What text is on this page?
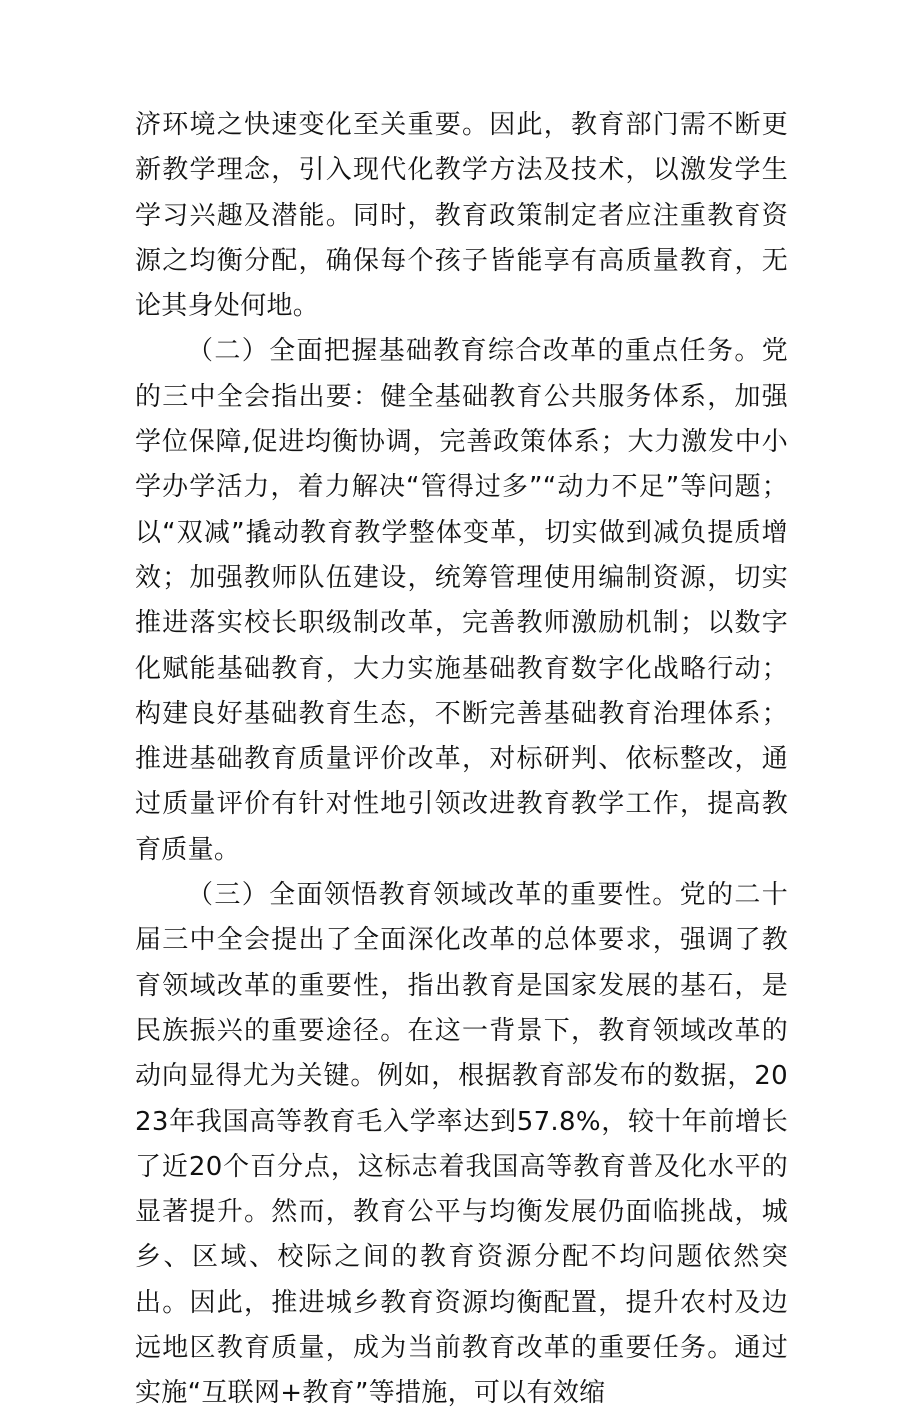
济环境之快速变化至关重要。因此，教育部门需不断更新教学理念，引入现代化教学方法及技术，以激发学生学习兴趣及潜能。同时，教育政策制定者应注重教育资源之均衡分配，确保每个孩子皆能享有高质量教育，无论其身处何地。

（二）全面把握基础教育综合改革的重点任务。党的三中全会指出要：健全基础教育公共服务体系，加强学位保障,促进均衡协调，完善政策体系；大力激发中小学办学活力，着力解决“管得过多”“动力不足”等问题；以“双减”撬动教育教学整体变革，切实做到减负提质增效；加强教师队伍建设，统筹管理使用编制资源，切实推进落实校长职级制改革，完善教师激励机制；以数字化赋能基础教育，大力实施基础教育数字化战略行动；构建良好基础教育生态，不断完善基础教育治理体系；推进基础教育质量评价改革，对标研判、依标整改，通过质量评价有针对性地引领改进教育教学工作，提高教育质量。

（三）全面领悟教育领域改革的重要性。党的二十届三中全会提出了全面深化改革的总体要求，强调了教育领域改革的重要性，指出教育是国家发展的基石，是民族振兴的重要途径。在这一背景下，教育领域改革的动向显得尤为关键。例如，根据教育部发布的数据，2023年我国高等教育毛入学率达到57.8%，较十年前增长了近20个百分点，这标志着我国高等教育普及化水平的显著提升。然而，教育公平与均衡发展仍面临挑战，城乡、区域、校际之间的教育资源分配不均问题依然突出。因此，推进城乡教育资源均衡配置，提升农村及边远地区教育质量，成为当前教育改革的重要任务。通过实施“互联网+教育”等措施，可以有效缩
